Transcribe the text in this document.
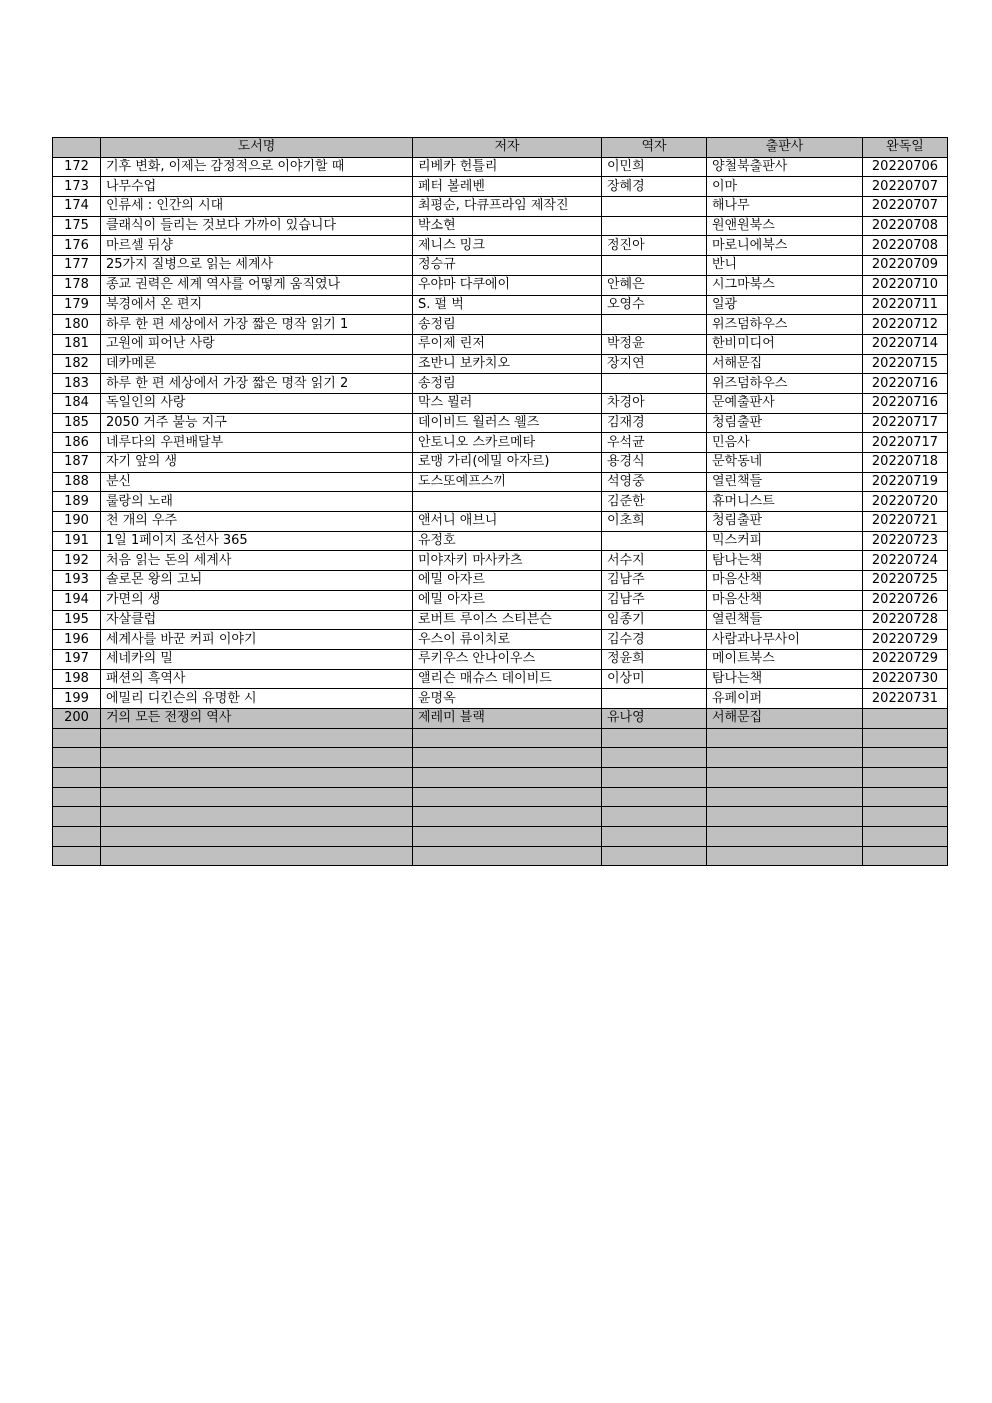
	도서명	저자	역자	출판사	완독일
172	기후 변화, 이제는 감정적으로 이야기할 때	리베카 헌틀리	이민희	양철북출판사	20220706
173	나무수업	페터 볼레벤	장혜경	이마	20220707
174	인류세 : 인간의 시대	최평순, 다큐프라임 제작진		해나무	20220707
175	클래식이 들리는 것보다 가까이 있습니다	박소현		원앤원북스	20220708
176	마르셀 뒤샹	제니스 밍크	정진아	마로니에북스	20220708
177	25가지 질병으로 읽는 세계사	정승규		반니	20220709
178	종교 권력은 세계 역사를 어떻게 움직였나	우야마 다쿠에이	안혜은	시그마북스	20220710
179	북경에서 온 편지	S. 펄 벅	오영수	일광	20220711
180	하루 한 편 세상에서 가장 짧은 명작 읽기 1	송정림		위즈덤하우스	20220712
181	고원에 피어난 사랑	루이제 린저	박정윤	한비미디어	20220714
182	데카메론	조반니 보카치오	장지연	서해문집	20220715
183	하루 한 편 세상에서 가장 짧은 명작 읽기 2	송정림		위즈덤하우스	20220716
184	독일인의 사랑	막스 뮐러	차경아	문예출판사	20220716
185	2050 거주 불능 지구	데이비드 월러스 웰즈	김재경	청림출판	20220717
186	네루다의 우편배달부	안토니오 스카르메타	우석균	민음사	20220717
187	자기 앞의 생	로맹 가리(에밀 아자르)	용경식	문학동네	20220718
188	분신	도스또예프스끼	석영중	열린책들	20220719
189	룰랑의 노래		김준한	휴머니스트	20220720
190	천 개의 우주	앤서니 애브니	이초희	청림출판	20220721
191	1일 1페이지 조선사 365	유정호		믹스커피	20220723
192	처음 읽는 돈의 세계사	미야자키 마사카츠	서수지	탐나는책	20220724
193	솔로몬 왕의 고뇌	에밀 아자르	김남주	마음산책	20220725
194	가면의 생	에밀 아자르	김남주	마음산책	20220726
195	자살클럽	로버트 루이스 스티븐슨	임종기	열린책들	20220728
196	세계사를 바꾼 커피 이야기	우스이 류이치로	김수경	사람과나무사이	20220729
197	세네카의 밀	루키우스 안나이우스	정윤희	메이트북스	20220729
198	패션의 흑역사	앨리슨 매슈스 데이비드	이상미	탐나는책	20220730
199	에밀리 디킨슨의 유명한 시	윤명옥		유페이퍼	20220731
200	거의 모든 전쟁의 역사	제레미 블랙	유나영	서해문집	
